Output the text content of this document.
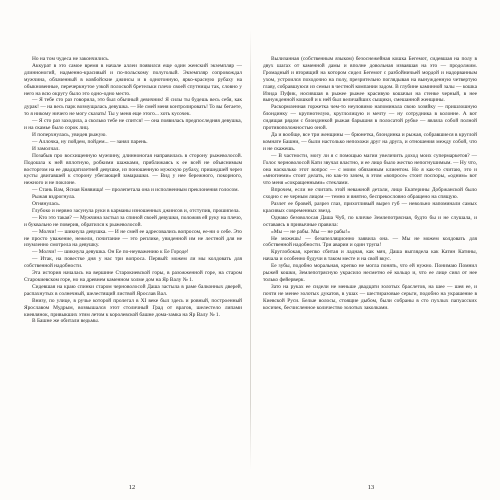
Но на том чудеса не закончились.

Аккурат в это самое время в начале аллеи появился еще один женский экземпляр — длинноногий, надменно-красивый и по-польскому полуголый. Экземпляр сопровождал мужчина, облаченный в ковбойские джинсы и в однотонную, ярко-красную рубаху на обыкновенные, перечеркнутое узкой полоской бретельки плечо своей спутницы так, словно у него на всю округу было это одно-одно место.

— Я тебе сто раз говорила, это был обычный девичник! Я силы ты будешь весь себя, как дурак! — на весь парк возмущалась девушка. — Не смей меня контролировать! То вы бегаете, то я никому ничего не могу сказать! Ты у меня еще этого... хоть кусочек.

— Я сто раз заходила, а сколько тебе не спится! — она появилась предпоследняя девушка, и на скамье было сорок лиц.

И поперхнулась, увидев рыжую.

— Аллочка, ну пойдем, пойдем... — занял парень.

И замолчал.

Позабыв про восхищенную мужчину, длинноногая направилась в сторону рыжеволосой. Подошла к ней вплотную, робкими шажками, приближаясь к ее всей не объяснимым восторгом на ее двадцатилетней девушке, из поношенную мужскую рубаху, пришедшей через кусты двигавшей к сторону убегающей замарашки. — Вид у нее бережного, покорного, нежного и не поклоне.

— Стань Вам, Ясная Княвища! — пролепетала она и исполненным преклонения голосом.

Рыжая вздрогнула.

Огнянулась.

Глубоко и нервно засунула руки в карманы изношенных джинсов и, отступив, прошипела.

— Кто это такая? — Мужчина застыл за спиной своей девушки, положив ей руку на плечо, и буквально не поверив, обратился к рыжеволосой.

— Молчи! — шикнула девушка. — И не смей ее адресовались вопросом, ее-ни о себе. Это не просто уважение, нежели, почитание — это реплике, увиденной им не лестной для не изумленно смотрела на девушку.

— Молчи! — шикнула девушка. Он Ее по-неуважению к Ее Городе!

— Итак, на повестке дня у нас три вопроса. Первый: можем ли мы колдовать для собственной надобности.

Эта история началась на вершине Старокиевской горы, в разожженной горе, на старом Старокиевском горе, но на древнем каменном холме дом на Яр Валу № 1.

Сидевшая на краю спинки старом черноволосой Даша застыла в раме балконных дверей, распахнутых в солнечный, шелестящий листвой Ярослав Вал.

Внизу, по улице, в ручье которой пролегал в XI веке был здесь и ровный, построенный Ярославом Мудрым, возвышался этот столичный Град от врагов, шелестело липами киевлянок, привыкших этим летом к королевской башне дома-замка на Яр Валу № 1.

В Башне же обитали ведьмы.

Вылизанная (собственным языком) безоснежейная кошка Бегемот, сидевшая на полу в двух шагах от каменной дамы и вполне довольная изваяшая на это — продолжим. Громадный и вторящий на котором сидел Бегемот с разбойничьей мордой и надорванным ухом, устроился походочно на полу, презрительно поглядывая на вынужденную четвертую главу, собравшуюся из семьи в честной компании задом. В глубине каминной залы — кошка Изида Пуфик, носившая в рыжее рыжее красивую кошачьи на стенке черный, в нее вынужденной кошкой и к ней был величайших сыщики, смешанной женщины.

Раскормленная горжетка чем-то неуловимо напоминала свою хозяйку — пришлошную блондинку — крупнотелую, круглолицую и мечту — ну сотрудника в колонне. А вот сидящая рядом с блондинкой рыжая барышня в полосатой рубке — являла собой полной противоположностью оной.

Да и вообще, все три женщины — брюнетка, блондинка и рыжая, собравшиеся в круглой комнате Башни, — были настолько непохожи друг на друга, и отношения между собой, что и не скажешь.

— В частности, могу ли я с помощью магии увеличить доход моих супермаркетов? — Голос черноволосой Кати звучал властно, и ее лицо было жестко непогнушимым. — Ну что, она насколько этот вопрос — с моим обязанным клиентом. Но я как-то считаю, это и «многиеми» стоит делать, но как-то зачем, в этом «вопросе» стоит поспоры, «одним» вот что меня «сокращенными» стеклами.

Впрочем, если не считать этой неважной детали, лицо Екатерины Добржанской было сходно с ее черным лицом — темно и внятно, беспрекословно обращено на спящую.

Разлет ее бровей, разрез глаз, прихотливый вырез губ — невольно напоминали самых красивых современных звезд.

Однако безоволосая Даша Чуб, по кличке Землепотрясная, будто бы и не слушала, и оставаясь в привычные правила:

«Мы — не рабы. Мы — не рабы!»

Не можешь! — безапелляционно заявила она. — Мы не можем колдовать для собственной надобности. Три аварии и один трупа!

Круглобокая, крепко сбитая и ладная, как мяч, Даша выглядела как Катин Катины, начала и особенно будучи в таком месте и на свой вкус.

Ее зубы, подобно моральная, крепко не могла понять, что ей нужно. Понимаю Помнил рыжей кошки, Землепотрясную украсило несметно её кольцо и, что ее лице сиял от нее только фейерверк.

Зато на руках ее сидели не меньше двадцати золотых браслетов, на шее — шея ее, и почти не менее золотых дукатов, в ушах — шестиразовые серьги, подобно на украшение в Киевской Руси. Белые волосы, стоящие дыбом, были собраны в сто пухлых папуасских косичек, бесчисленное количество золотых заколками.

12	13
